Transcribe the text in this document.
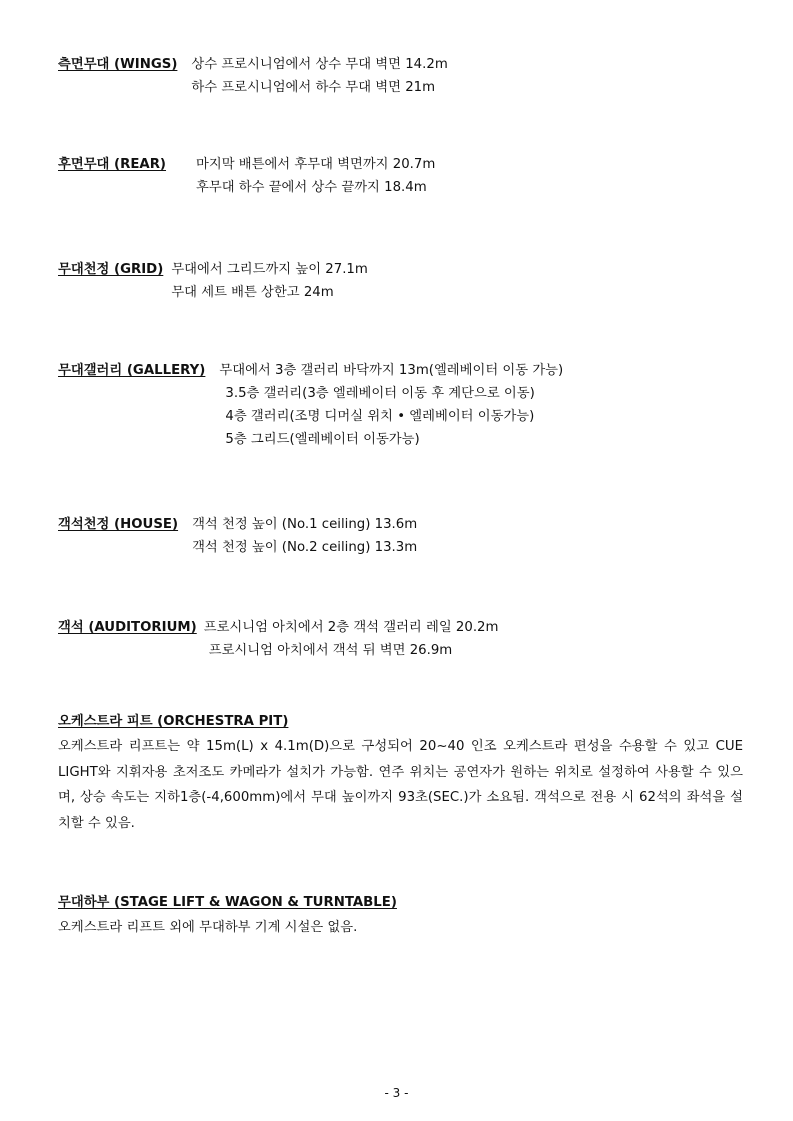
측면무대 (WINGS) 상수 프로시니엄에서 상수 무대 벽면 14.2m
하수 프로시니엄에서 하수 무대 벽면 21m
후면무대 (REAR) 마지막 배튼에서 후무대 벽면까지 20.7m
후무대 하수 끝에서 상수 끝까지 18.4m
무대천정 (GRID) 무대에서 그리드까지 높이 27.1m
무대 세트 배튼 상한고 24m
무대갤러리 (GALLERY) 무대에서 3층 갤러리 바닥까지 13m(엘레베이터 이동 가능)
3.5층 갤러리(3층 엘레베이터 이동 후 계단으로 이동)
4층 갤러리(조명 디머실 위치 • 엘레베이터 이동가능)
5층 그리드(엘레베이터 이동가능)
객석천정 (HOUSE) 객석 천정 높이 (No.1 ceiling) 13.6m
객석 천정 높이 (No.2 ceiling) 13.3m
객석 (AUDITORIUM) 프로시니엄 아치에서 2층 객석 갤러리 레일 20.2m
프로시니엄 아치에서 객석 뒤 벽면 26.9m
오케스트라 피트 (ORCHESTRA PIT)
오케스트라 리프트는 약 15m(L) x 4.1m(D)으로 구성되어 20~40 인조 오케스트라 편성을 수용할 수 있고 CUE LIGHT와 지휘자용 초저조도 카메라가 설치가 가능함. 연주 위치는 공연자가 원하는 위치로 설정하여 사용할 수 있으며, 상승 속도는 지하1층(-4,600mm)에서 무대 높이까지 93초(SEC.)가 소요됨. 객석으로 전용 시 62석의 좌석을 설치할 수 있음.
무대하부 (STAGE LIFT & WAGON & TURNTABLE)
오케스트라 리프트 외에 무대하부 기계 시설은 없음.
- 3 -
